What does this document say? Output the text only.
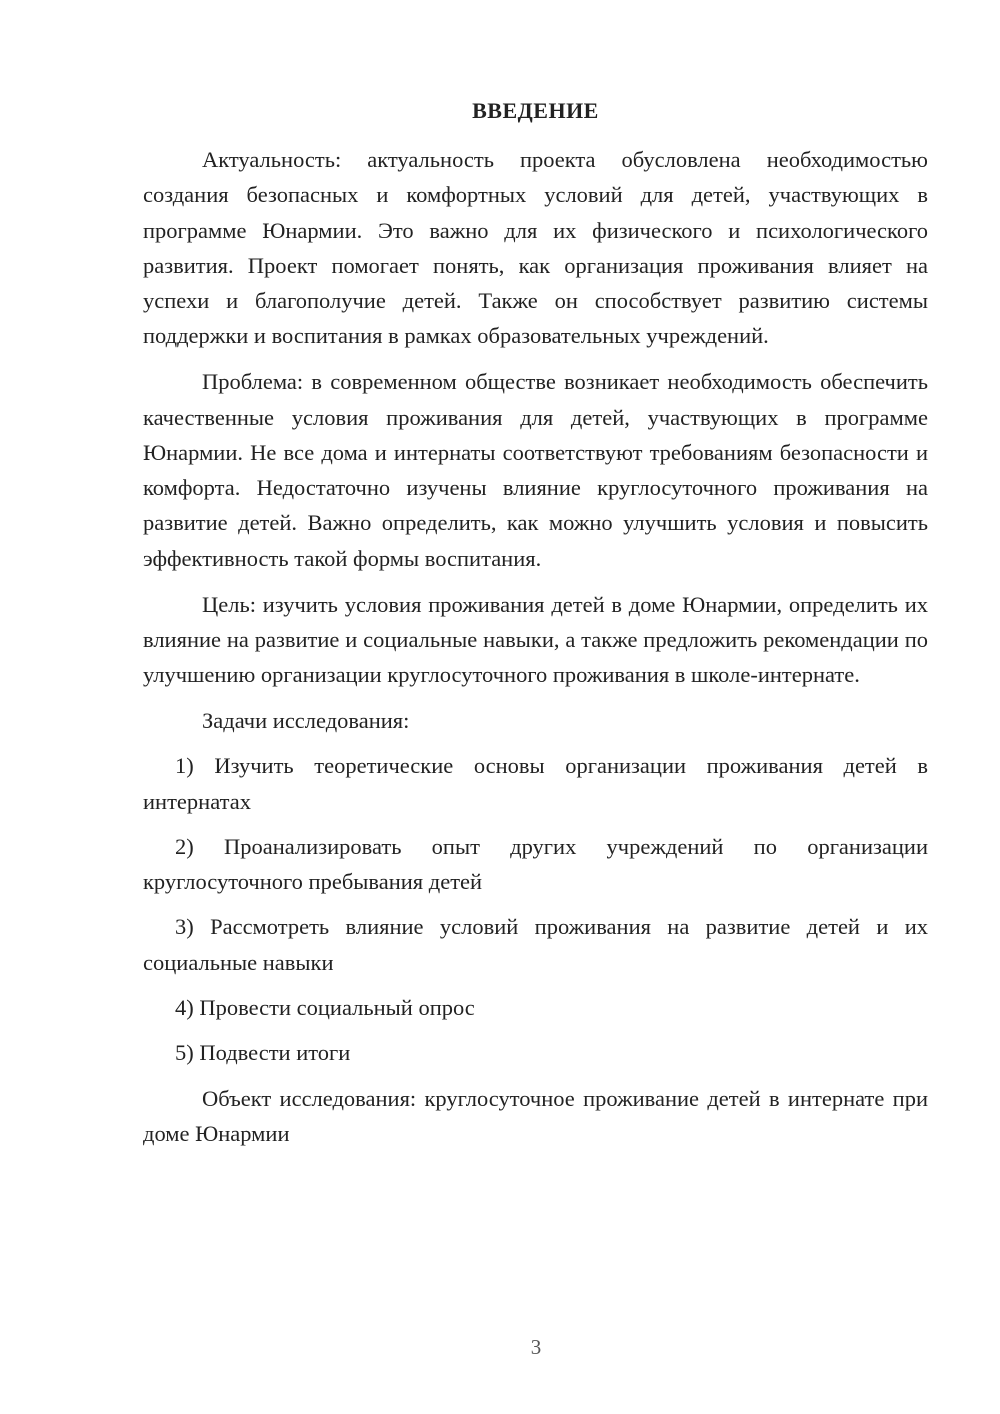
ВВЕДЕНИЕ

Актуальность: актуальность проекта обусловлена необходимостью создания безопасных и комфортных условий для детей, участвующих в программе Юнармии. Это важно для их физического и психологического развития. Проект помогает понять, как организация проживания влияет на успехи и благополучие детей. Также он способствует развитию системы поддержки и воспитания в рамках образовательных учреждений.

Проблема: в современном обществе возникает необходимость обеспечить качественные условия проживания для детей, участвующих в программе Юнармии. Не все дома и интернаты соответствуют требованиям безопасности и комфорта. Недостаточно изучены влияние круглосуточного проживания на развитие детей. Важно определить, как можно улучшить условия и повысить эффективность такой формы воспитания.

Цель: изучить условия проживания детей в доме Юнармии, определить их влияние на развитие и социальные навыки, а также предложить рекомендации по улучшению организации круглосуточного проживания в школе-интернате.

Задачи исследования:

1) Изучить теоретические основы организации проживания детей в интернатах

2) Проанализировать опыт других учреждений по организации круглосуточного пребывания детей

3) Рассмотреть влияние условий проживания на развитие детей и их социальные навыки

4) Провести социальный опрос

5) Подвести итоги

Объект исследования: круглосуточное проживание детей в интернате при доме Юнармии

3
